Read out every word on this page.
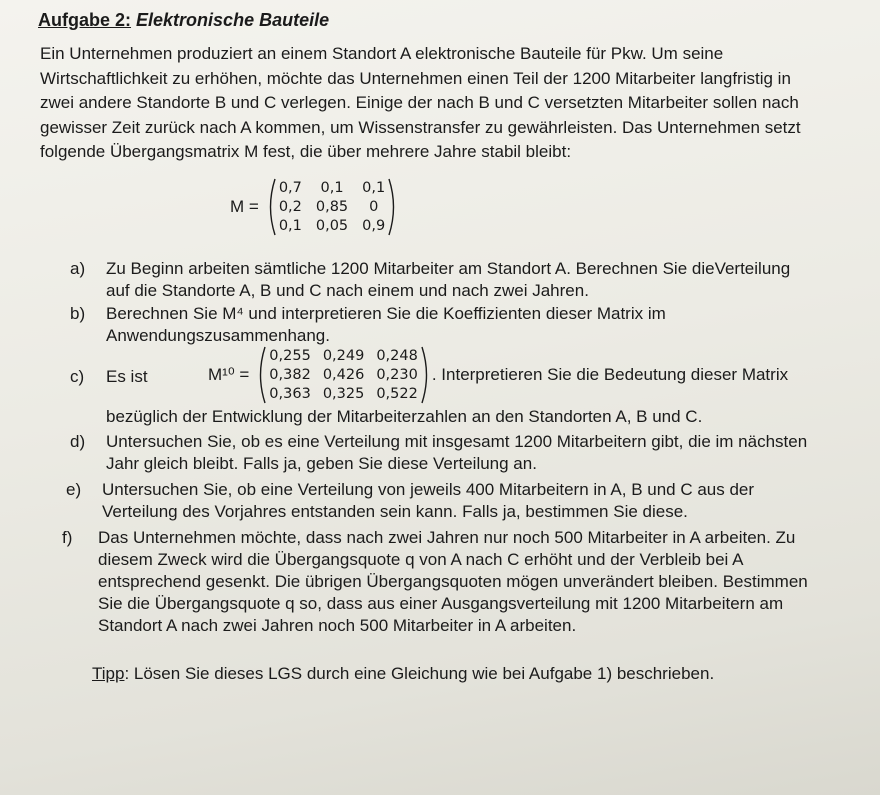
Aufgabe 2: Elektronische Bauteile
Ein Unternehmen produziert an einem Standort A elektronische Bauteile für Pkw. Um seine
Wirtschaftlichkeit zu erhöhen, möchte das Unternehmen einen Teil der 1200 Mitarbeiter langfristig in
zwei andere Standorte B und C verlegen. Einige der nach B und C versetzten Mitarbeiter sollen nach
gewisser Zeit zurück nach A kommen, um Wissenstransfer zu gewährleisten. Das Unternehmen setzt
folgende Übergangsmatrix M fest, die über mehrere Jahre stabil bleibt:
M =
0,7	0,1	0,1
0,2 0,85	0
0,1 0,05 0,9
a) Zu Beginn arbeiten sämtliche 1200 Mitarbeiter am Standort A. Berechnen Sie dieVerteilung
auf die Standorte A, B und C nach einem und nach zwei Jahren.
b) Berechnen Sie M⁴ und interpretieren Sie die Koeffizienten dieser Matrix im
Anwendungszusammenhang.
c) Es ist	M¹⁰ =
0,255 0,249 0,248
0,382 0,426 0,230
0,363 0,325 0,522
. Interpretieren Sie die Bedeutung dieser Matrix
bezüglich der Entwicklung der Mitarbeiterzahlen an den Standorten A, B und C.
d) Untersuchen Sie, ob es eine Verteilung mit insgesamt 1200 Mitarbeitern gibt, die im nächsten
Jahr gleich bleibt. Falls ja, geben Sie diese Verteilung an.
e) Untersuchen Sie, ob eine Verteilung von jeweils 400 Mitarbeitern in A, B und C aus der
Verteilung des Vorjahres entstanden sein kann. Falls ja, bestimmen Sie diese.
f) Das Unternehmen möchte, dass nach zwei Jahren nur noch 500 Mitarbeiter in A arbeiten. Zu
diesem Zweck wird die Übergangsquote q von A nach C erhöht und der Verbleib bei A
entsprechend gesenkt. Die übrigen Übergangsquoten mögen unverändert bleiben. Bestimmen
Sie die Übergangsquote q so, dass aus einer Ausgangsverteilung mit 1200 Mitarbeitern am
Standort A nach zwei Jahren noch 500 Mitarbeiter in A arbeiten.
Tipp: Lösen Sie dieses LGS durch eine Gleichung wie bei Aufgabe 1) beschrieben.
